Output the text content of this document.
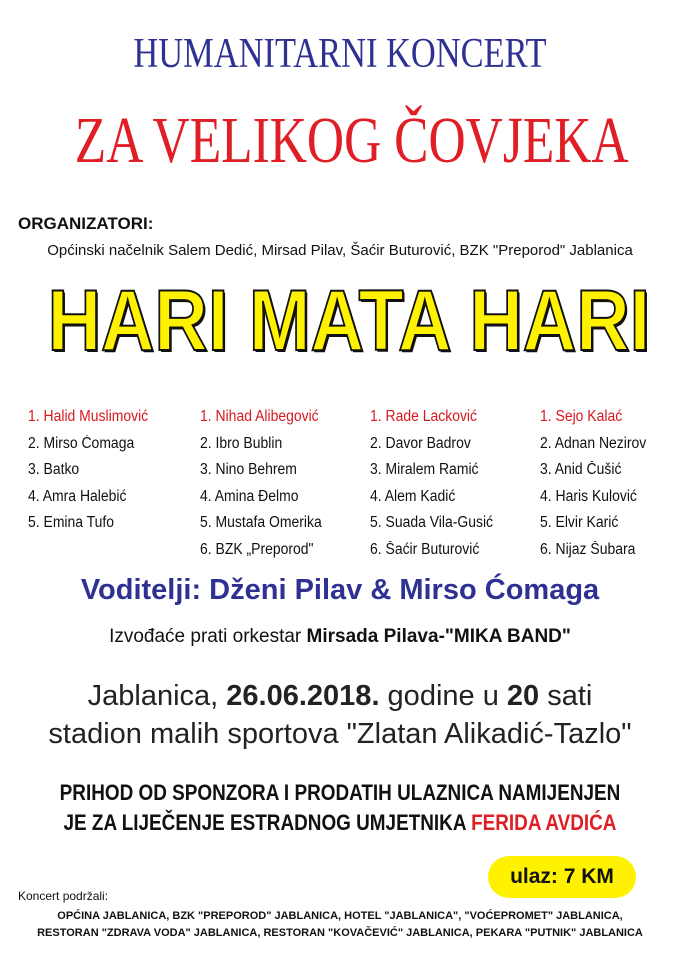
HUMANITARNI KONCERT
ZA VELIKOG ČOVJEKA
ORGANIZATORI:
Općinski načelnik Salem Dedić, Mirsad Pilav, Šaćir Buturović, BZK "Preporod" Jablanica
HARI MATA HARI
1. Halid Muslimović
2. Mirso Ćomaga
3. Batko
4. Amra Halebić
5. Emina Tufo
1. Nihad Alibegović
2. Ibro Bublin
3. Nino Behrem
4. Amina Đelmo
5. Mustafa Omerika
6. BZK „Preporod"
1. Rade Lacković
2. Davor Badrov
3. Miralem Ramić
4. Alem Kadić
5. Suada Vila-Gusić
6. Šaćir Buturović
1. Sejo Kalać
2. Adnan Nezirov
3. Anid Čušić
4. Haris Kulović
5. Elvir Karić
6. Nijaz Šubara
Voditelji: Dženi Pilav & Mirso Ćomaga
Izvođaće prati orkestar Mirsada Pilava-"MIKA BAND"
Jablanica, 26.06.2018. godine u 20 sati
stadion malih sportova "Zlatan Alikadić-Tazlo"
PRIHOD OD SPONZORA I PRODATIH ULAZNICA NAMIJENJEN
JE ZA LIJEČENJE ESTRADNOG UMJETNIKA FERIDA AVDIĆA
ulaz: 7 KM
Koncert podržali:
OPĆINA JABLANICA, BZK "PREPOROD" JABLANICA, HOTEL "JABLANICA", "VOĆEPROMET" JABLANICA,
RESTORAN "ZDRAVA VODA" JABLANICA, RESTORAN "KOVAČEVIĆ" JABLANICA, PEKARA "PUTNIK" JABLANICA
